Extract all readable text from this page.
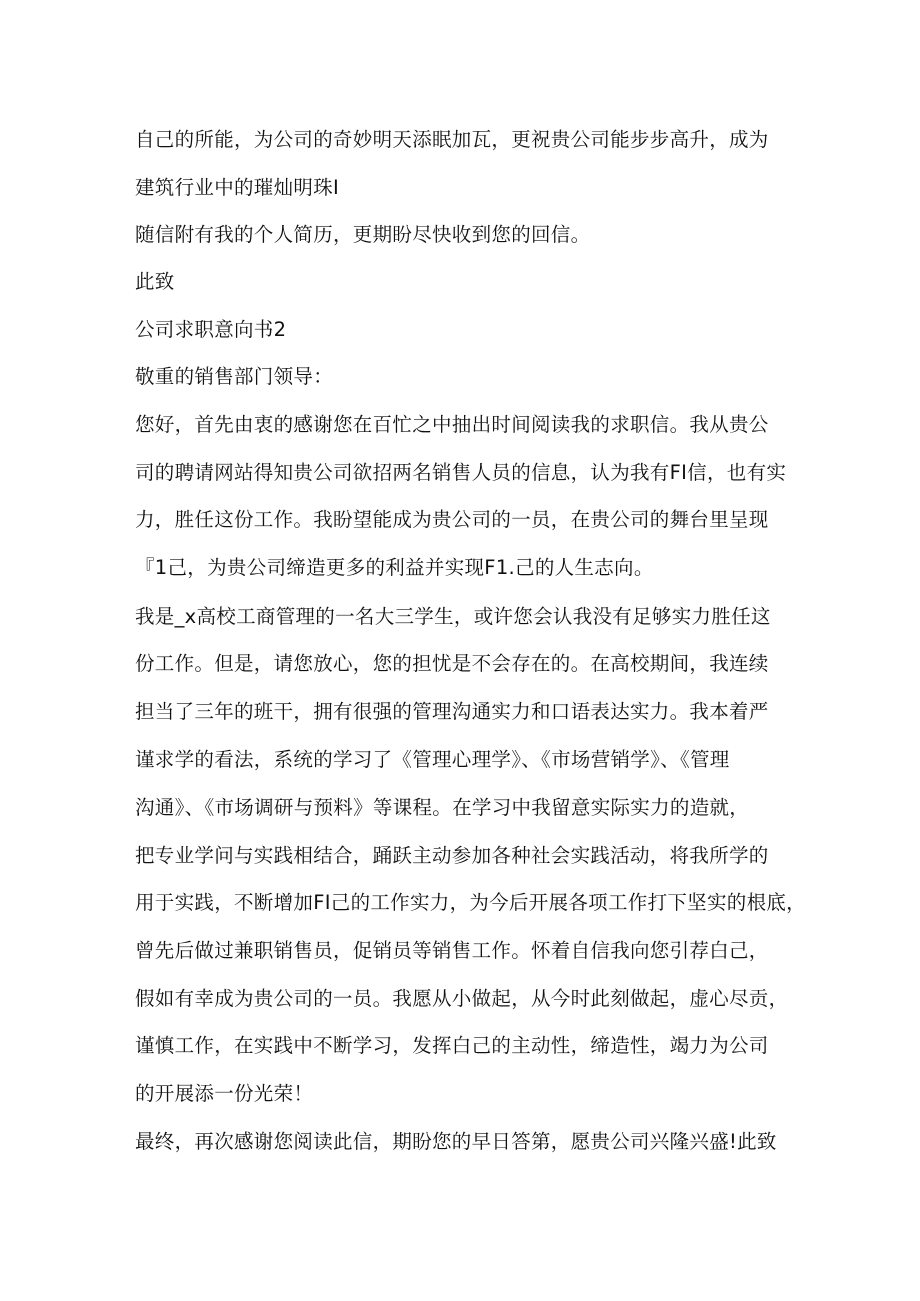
自己的所能，为公司的奇妙明天添眠加瓦，更祝贵公司能步步高升，成为
建筑行业中的璀灿明珠I
随信附有我的个人简历，更期盼尽快收到您的回信。
此致
公司求职意向书2
敬重的销售部门领导：
您好，首先由衷的感谢您在百忙之中抽出时间阅读我的求职信。我从贵公
司的聘请网站得知贵公司欲招两名销售人员的信息，认为我有FI信，也有实
力，胜任这份工作。我盼望能成为贵公司的一员，在贵公司的舞台里呈现
『1己，为贵公司缔造更多的利益并实现F1.己的人生志向。
我是_x高校工商管理的一名大三学生，或许您会认我没有足够实力胜任这
份工作。但是，请您放心，您的担忧是不会存在的。在高校期间，我连续
担当了三年的班干，拥有很强的管理沟通实力和口语表达实力。我本着严
谨求学的看法，系统的学习了《管理心理学》、《市场营销学》、《管理
沟通》、《市场调研与预料》等课程。在学习中我留意实际实力的造就，
把专业学问与实践相结合，踊跃主动参加各种社会实践活动，将我所学的
用于实践，不断增加FI己的工作实力，为今后开展各项工作打下坚实的根底，
曾先后做过兼职销售员，促销员等销售工作。怀着自信我向您引荐白己，
假如有幸成为贵公司的一员。我愿从小做起，从今时此刻做起，虚心尽贡，
谨慎工作，在实践中不断学习，发挥白己的主动性，缔造性，竭力为公司
的开展添一份光荣！
最终，再次感谢您阅读此信，期盼您的早日答第，愿贵公司兴隆兴盛!此致
